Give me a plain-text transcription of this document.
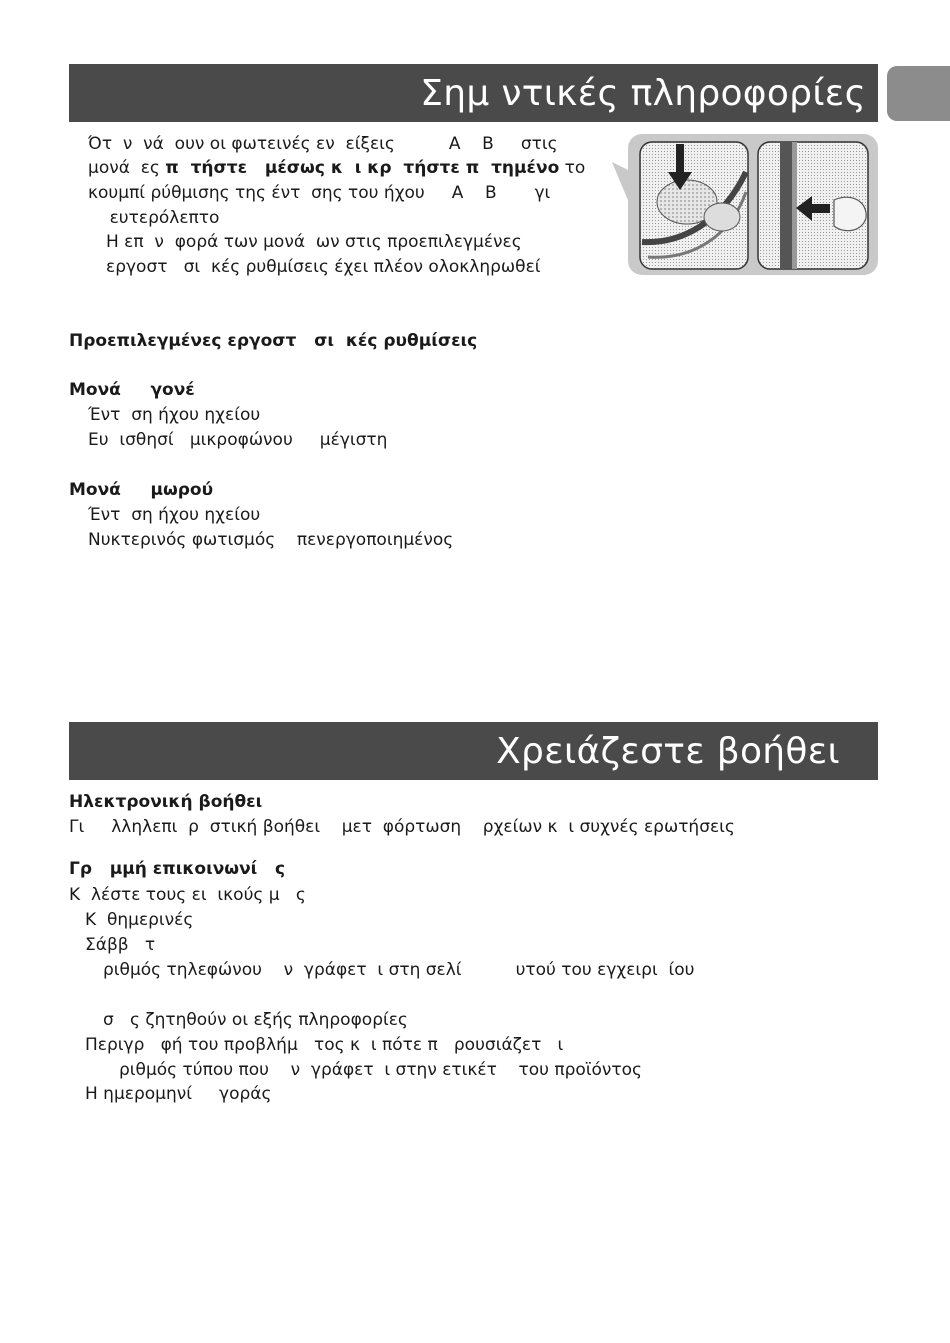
Σημ ντικές πληροφορίες
Ότ  ν  νά  ουν οι φωτεινές εν  είξεις          Α    Β     στις
μονά  ες π  τήστε   μέσως κ  ι κρ  τήστε π  τημένο το
κουμπί ρύθμισης της έντ  σης του ήχου     Α    Β       γι
ευτερόλεπτο
Η επ  ν  φορά των μονά  ων στις προεπιλεγμένες
εργοστ   σι  κές ρυθμίσεις έχει πλέον ολοκληρωθεί
Προεπιλεγμένες εργοστ   σι  κές ρυθμίσεις
Μονά     γονέ
Έντ  ση ήχου ηχείου
Ευ  ισθησί   μικροφώνου     μέγιστη
Μονά     μωρού
Έντ  ση ήχου ηχείου
Νυκτερινός φωτισμός    πενεργοποιημένος
Χρειάζεστε βοήθει
Ηλεκτρονική βοήθει
Γι     λληλεπι  ρ  στική βοήθει    μετ  φόρτωση    ρχείων κ  ι συχνές ερωτήσεις
Γρ   μμή επικοινωνί   ς
Κ  λέστε τους ει  ικούς μ   ς
Κ  θημερινές
Σάββ   τ
ριθμός τηλεφώνου    ν  γράφετ  ι στη σελί          υτού του εγχειρι  ίου
σ   ς ζητηθούν οι εξής πληροφορίες
Περιγρ   φή του προβλήμ   τος κ  ι πότε π   ρουσιάζετ   ι
ριθμός τύπου που    ν  γράφετ  ι στην ετικέτ    του προϊόντος
Η ημερομηνί     γοράς
